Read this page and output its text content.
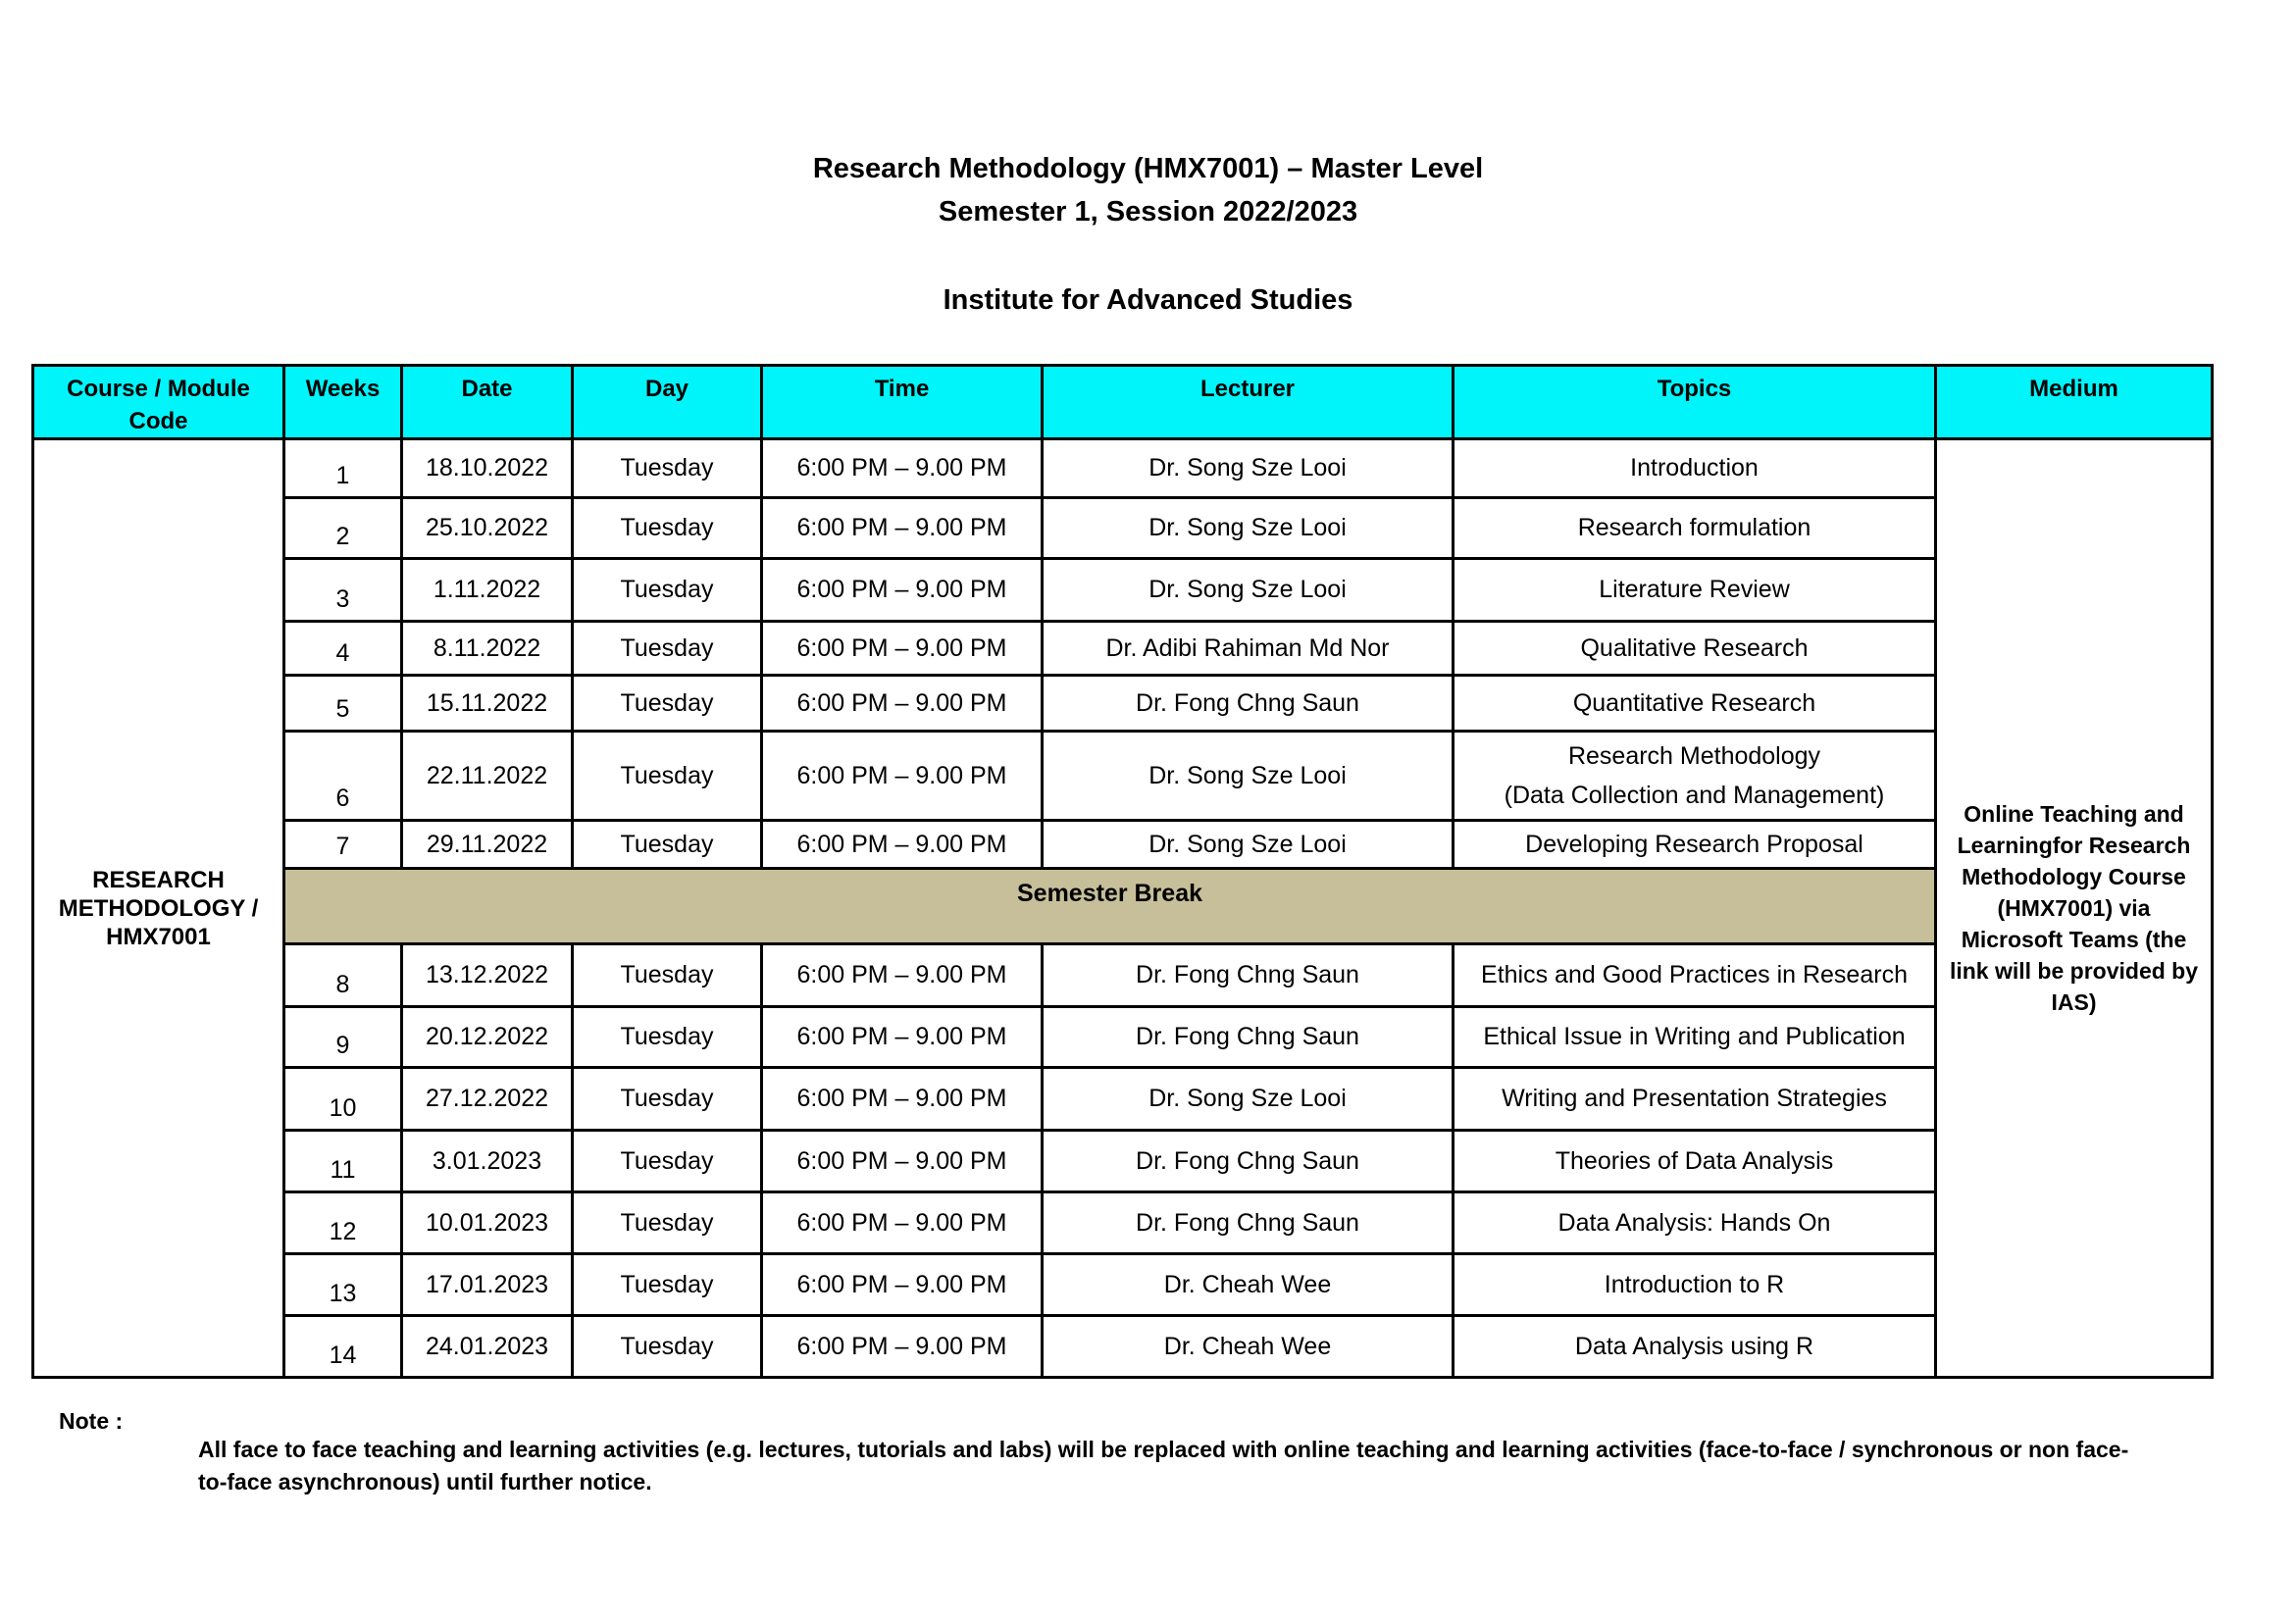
Research Methodology (HMX7001) – Master Level
Semester 1, Session 2022/2023
Institute for Advanced Studies
Course / Module Code	Weeks	Date	Day	Time	Lecturer	Topics	Medium
RESEARCH METHODOLOGY / HMX7001	1	18.10.2022	Tuesday	6:00 PM – 9.00 PM	Dr. Song Sze Looi	Introduction	Online Teaching and Learningfor Research Methodology Course (HMX7001) via Microsoft Teams (the link will be provided by IAS)
	2	25.10.2022	Tuesday	6:00 PM – 9.00 PM	Dr. Song Sze Looi	Research formulation	
	3	1.11.2022	Tuesday	6:00 PM – 9.00 PM	Dr. Song Sze Looi	Literature Review	
	4	8.11.2022	Tuesday	6:00 PM – 9.00 PM	Dr. Adibi Rahiman Md Nor	Qualitative Research	
	5	15.11.2022	Tuesday	6:00 PM – 9.00 PM	Dr. Fong Chng Saun	Quantitative Research	
	6	22.11.2022	Tuesday	6:00 PM – 9.00 PM	Dr. Song Sze Looi	Research Methodology
(Data Collection and Management)	

	7	29.11.2022	Tuesday	6:00 PM – 9.00 PM	Dr. Song Sze Looi	Developing Research Proposal	
	Semester Break						
	8	13.12.2022	Tuesday	6:00 PM – 9.00 PM	Dr. Fong Chng Saun	Ethics and Good Practices in Research	
	9	20.12.2022	Tuesday	6:00 PM – 9.00 PM	Dr. Fong Chng Saun	Ethical Issue in Writing and Publication	
	10	27.12.2022	Tuesday	6:00 PM – 9.00 PM	Dr. Song Sze Looi	Writing and Presentation Strategies	
	11	3.01.2023	Tuesday	6:00 PM – 9.00 PM	Dr. Fong Chng Saun	Theories of Data Analysis	
	12	10.01.2023	Tuesday	6:00 PM – 9.00 PM	Dr. Fong Chng Saun	Data Analysis: Hands On	
	13	17.01.2023	Tuesday	6:00 PM – 9.00 PM	Dr. Cheah Wee	Introduction to R	
	14	24.01.2023	Tuesday	6:00 PM – 9.00 PM	Dr. Cheah Wee	Data Analysis using R	
Note :
All face to face teaching and learning activities (e.g. lectures, tutorials and labs) will be replaced with online teaching and learning activities (face-to-face / synchronous or non face-to-face asynchronous) until further notice.
